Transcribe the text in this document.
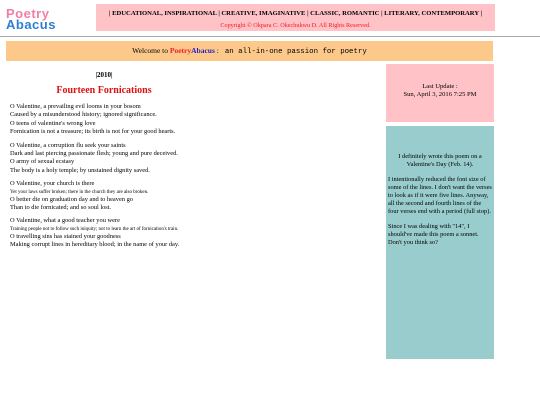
Poetry
Abacus
| EDUCATIONAL, INSPIRATIONAL | CREATIVE, IMAGINATIVE | CLASSIC, ROMANTIC | LITERARY, CONTEMPORARY |
Copyright © Okpara C. Okechukwu D. All Rights Reserved.
Welcome to PoetryAbacus : an all-in-one passion for poetry
|2010|
Fourteen Fornications
O Valentine, a prevailing evil looms in your bosom
Caused by a misunderstood history; ignored significance.
O teens of valentine's wrong love
Fornication is not a treasure; its birth is not for your good hearts.
O Valentine, a corruption flu seek your saints
Dark and last piercing passionate flesh; young and pure deceived.
O army of sexual ecstasy
The body is a holy temple; by unstained dignity saved.
O Valentine, your church is there
Yet your laws suffer broken; there in the church they are also broken.
O better die on graduation day and to heaven go
Than to die fornicated; and so soul lost.
O Valentine, what a good teacher you were
Training people not to follow such iniquity; not to learn the art of fornication's train.
O travelling sins has stained your goodness
Making corrupt lines in hereditary blood; in the name of your day.
Last Update :
Sun, April 3, 2016 7:25 PM

I definitely wrote this poem on a Valentine's Day (Feb. 14).

I intentionally reduced the font size of some of the lines. I don't want the verses to look as if it were five lines. Anyway, all the second and fourth lines of the four verses end with a period (full stop).

Since I was dealing with "14", I should've made this poem a sonnet. Don't you think so?
